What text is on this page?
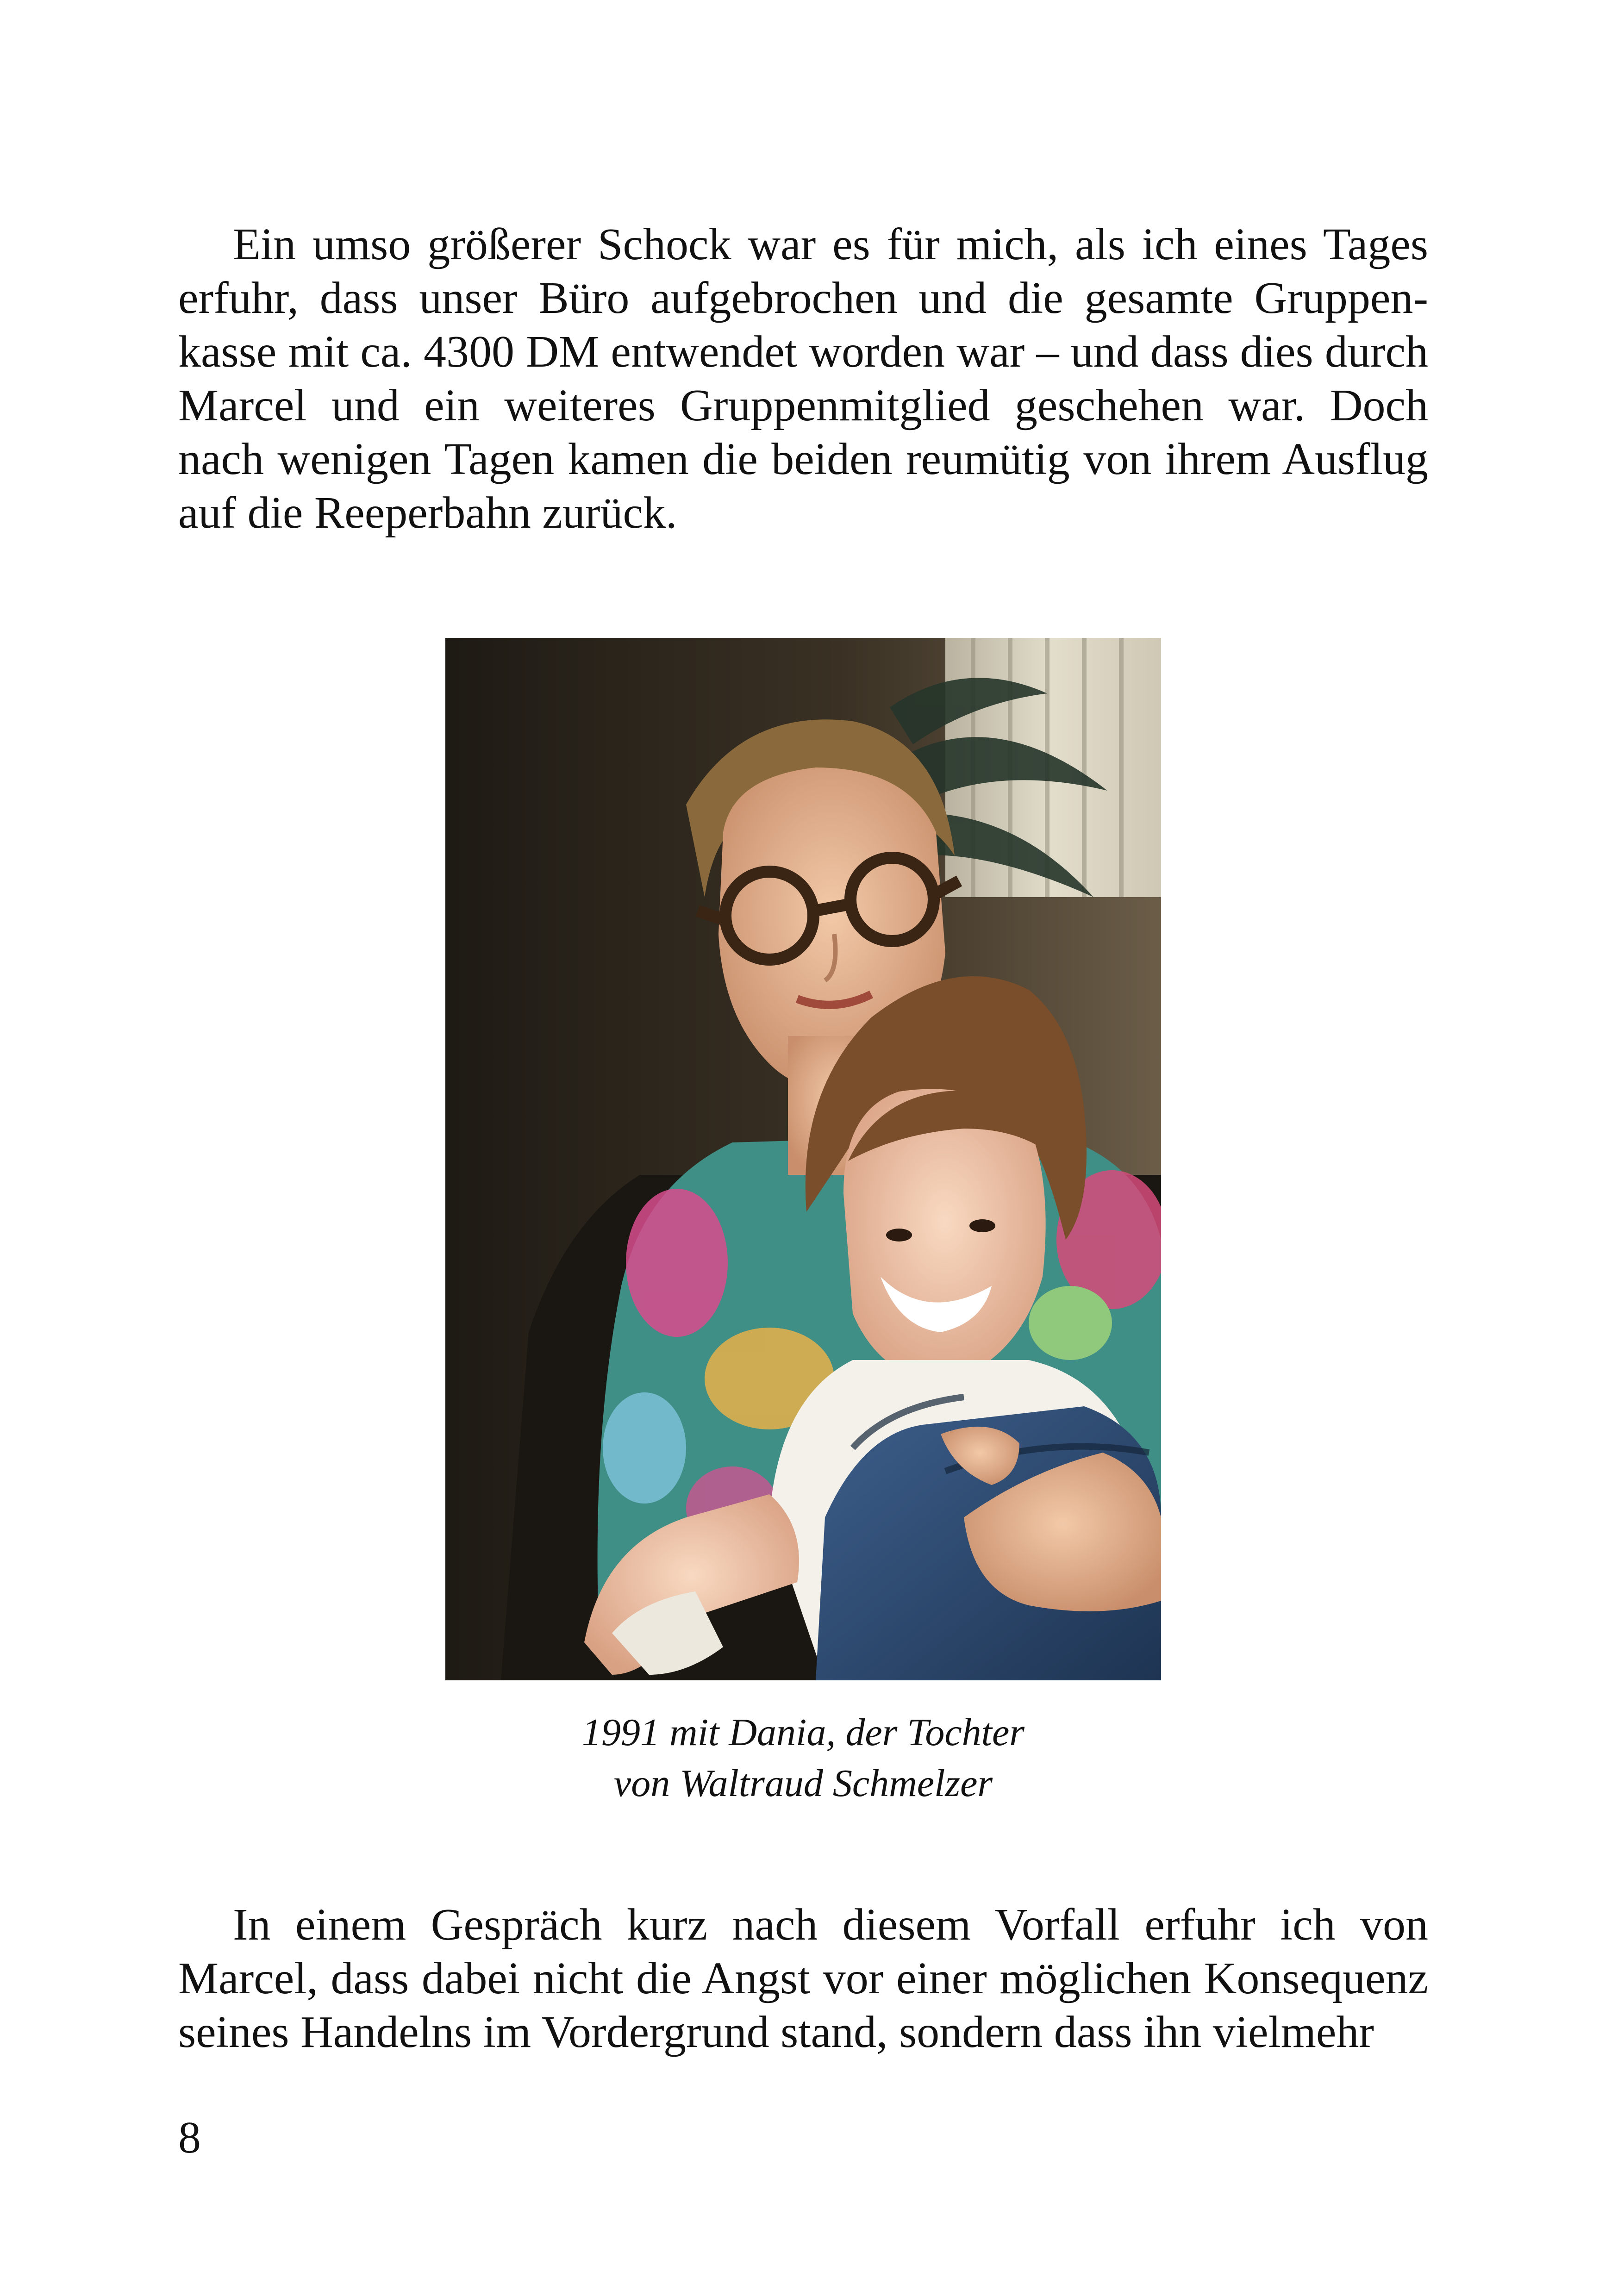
Ein umso größerer Schock war es für mich, als ich eines Tages erfuhr, dass unser Büro aufgebrochen und die gesamte Gruppenkasse mit ca. 4300 DM entwendet worden war – und dass dies durch Marcel und ein weiteres Gruppenmitglied geschehen war. Doch nach wenigen Tagen kamen die beiden reumütig von ihrem Ausflug auf die Reeperbahn zurück.

1991 mit Dania, der Tochter
von Waltraud Schmelzer

In einem Gespräch kurz nach diesem Vorfall erfuhr ich von Marcel, dass dabei nicht die Angst vor einer möglichen Konsequenz seines Handelns im Vordergrund stand, sondern dass ihn vielmehr

8
